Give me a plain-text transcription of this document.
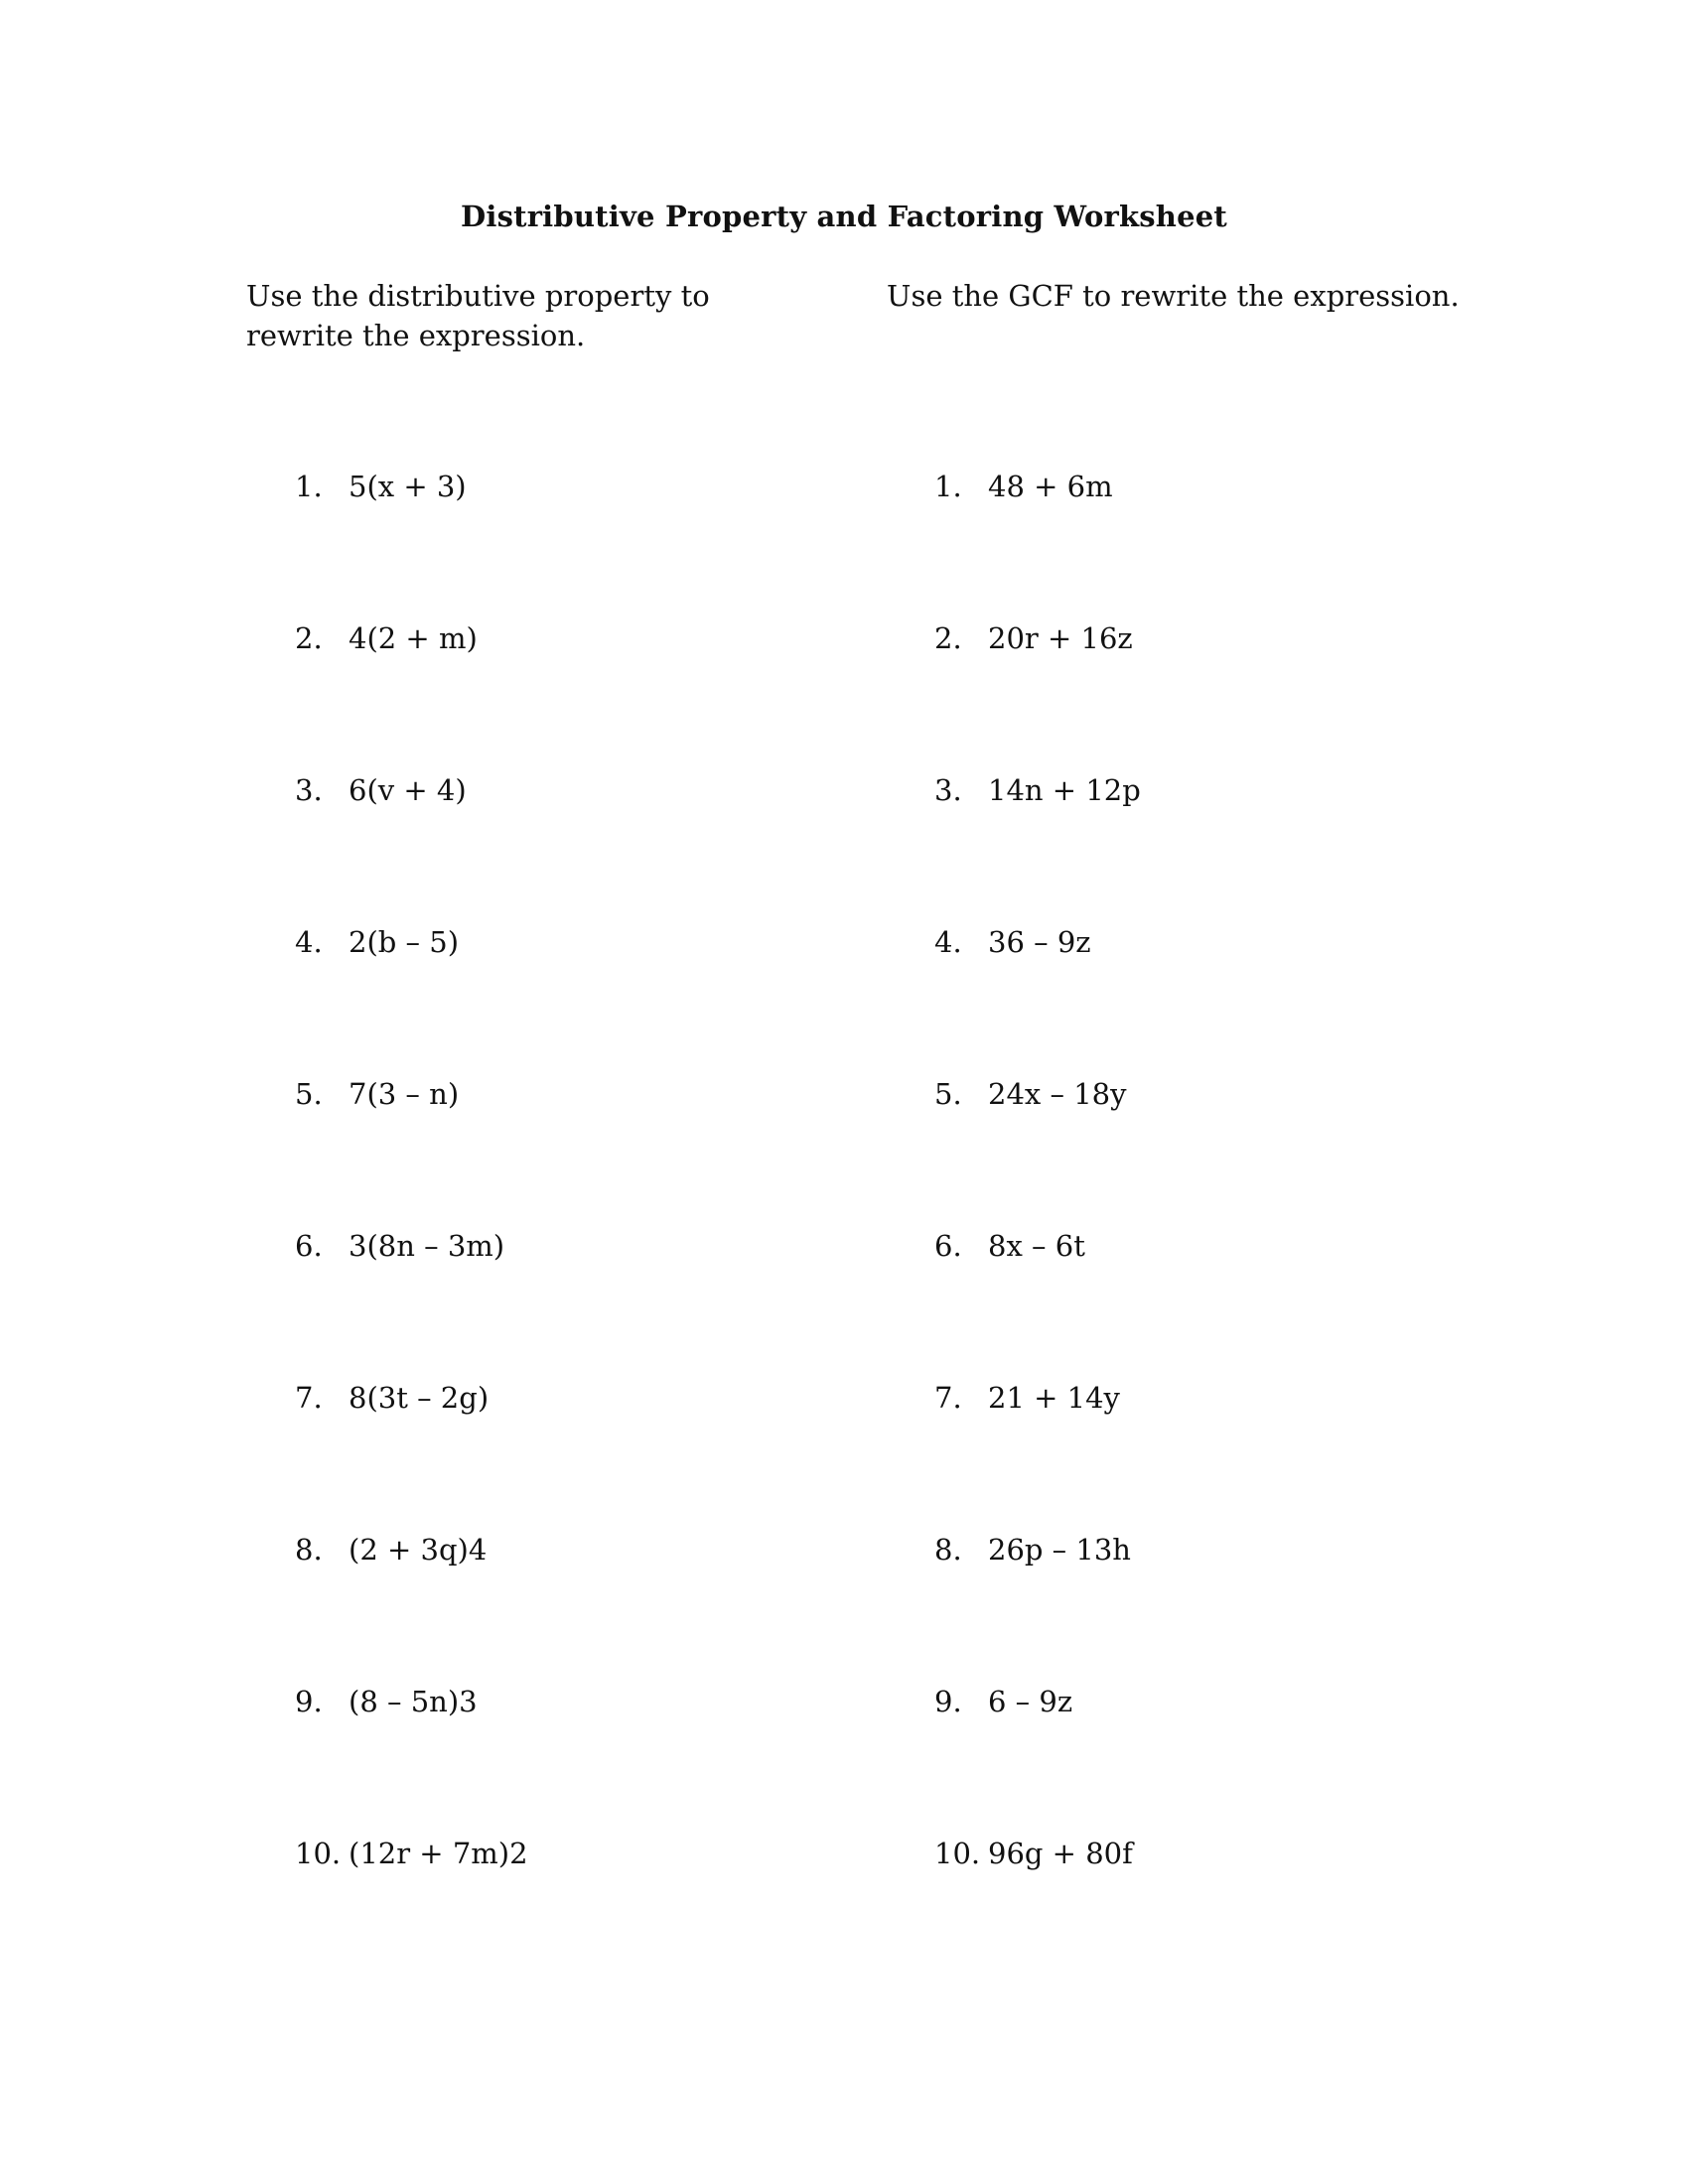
Distributive Property and Factoring Worksheet
Use the distributive property to rewrite the expression.
Use the GCF to rewrite the expression.
1. 5(x + 3)
2. 4(2 + m)
3. 6(v + 4)
4. 2(b – 5)
5. 7(3 – n)
6. 3(8n – 3m)
7. 8(3t – 2g)
8. (2 + 3q)4
9. (8 – 5n)3
10. (12r + 7m)2
1. 48 + 6m
2. 20r + 16z
3. 14n + 12p
4. 36 – 9z
5. 24x – 18y
6. 8x – 6t
7. 21 + 14y
8. 26p – 13h
9. 6 – 9z
10. 96g + 80f
